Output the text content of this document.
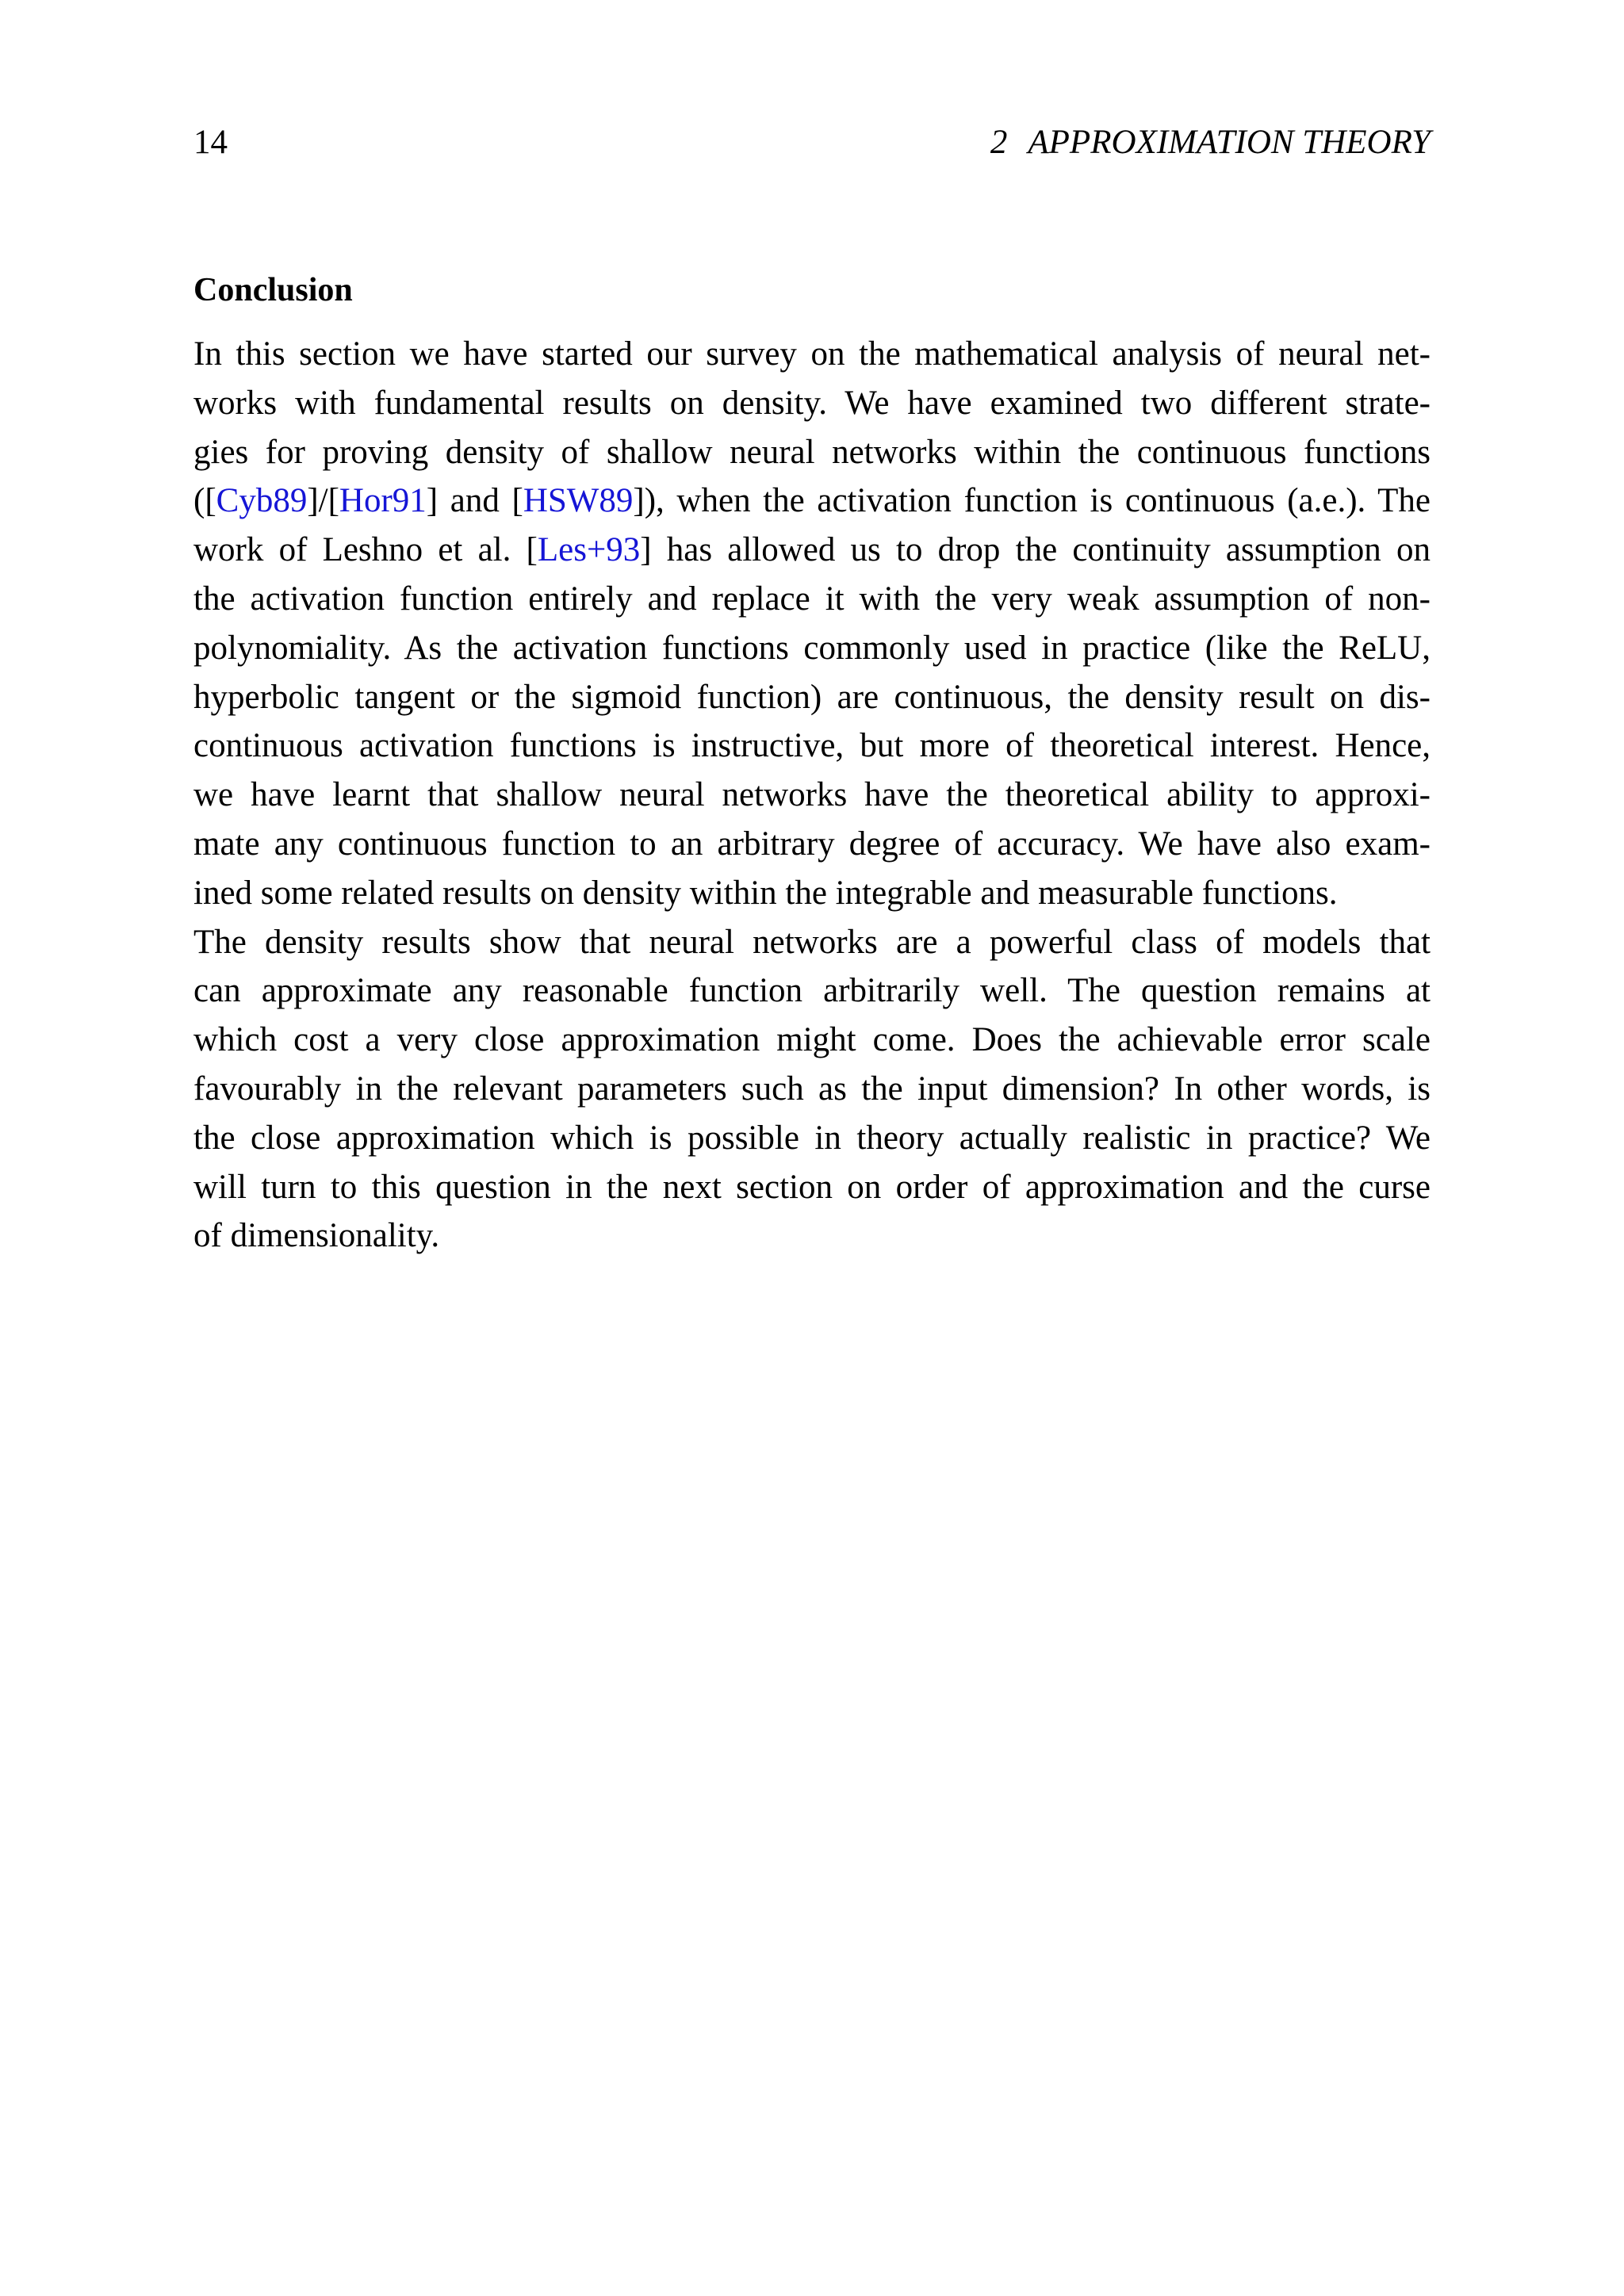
14	2 APPROXIMATION THEORY
Conclusion
In this section we have started our survey on the mathematical analysis of neural net-
works with fundamental results on density. We have examined two different strate-
gies for proving density of shallow neural networks within the continuous functions
([Cyb89]/[Hor91] and [HSW89]), when the activation function is continuous (a.e.). The
work of Leshno et al. [Les+93] has allowed us to drop the continuity assumption on
the activation function entirely and replace it with the very weak assumption of non-
polynomiality. As the activation functions commonly used in practice (like the ReLU,
hyperbolic tangent or the sigmoid function) are continuous, the density result on dis-
continuous activation functions is instructive, but more of theoretical interest. Hence,
we have learnt that shallow neural networks have the theoretical ability to approxi-
mate any continuous function to an arbitrary degree of accuracy. We have also exam-
ined some related results on density within the integrable and measurable functions.
The density results show that neural networks are a powerful class of models that
can approximate any reasonable function arbitrarily well. The question remains at
which cost a very close approximation might come. Does the achievable error scale
favourably in the relevant parameters such as the input dimension? In other words, is
the close approximation which is possible in theory actually realistic in practice? We
will turn to this question in the next section on order of approximation and the curse
of dimensionality.
